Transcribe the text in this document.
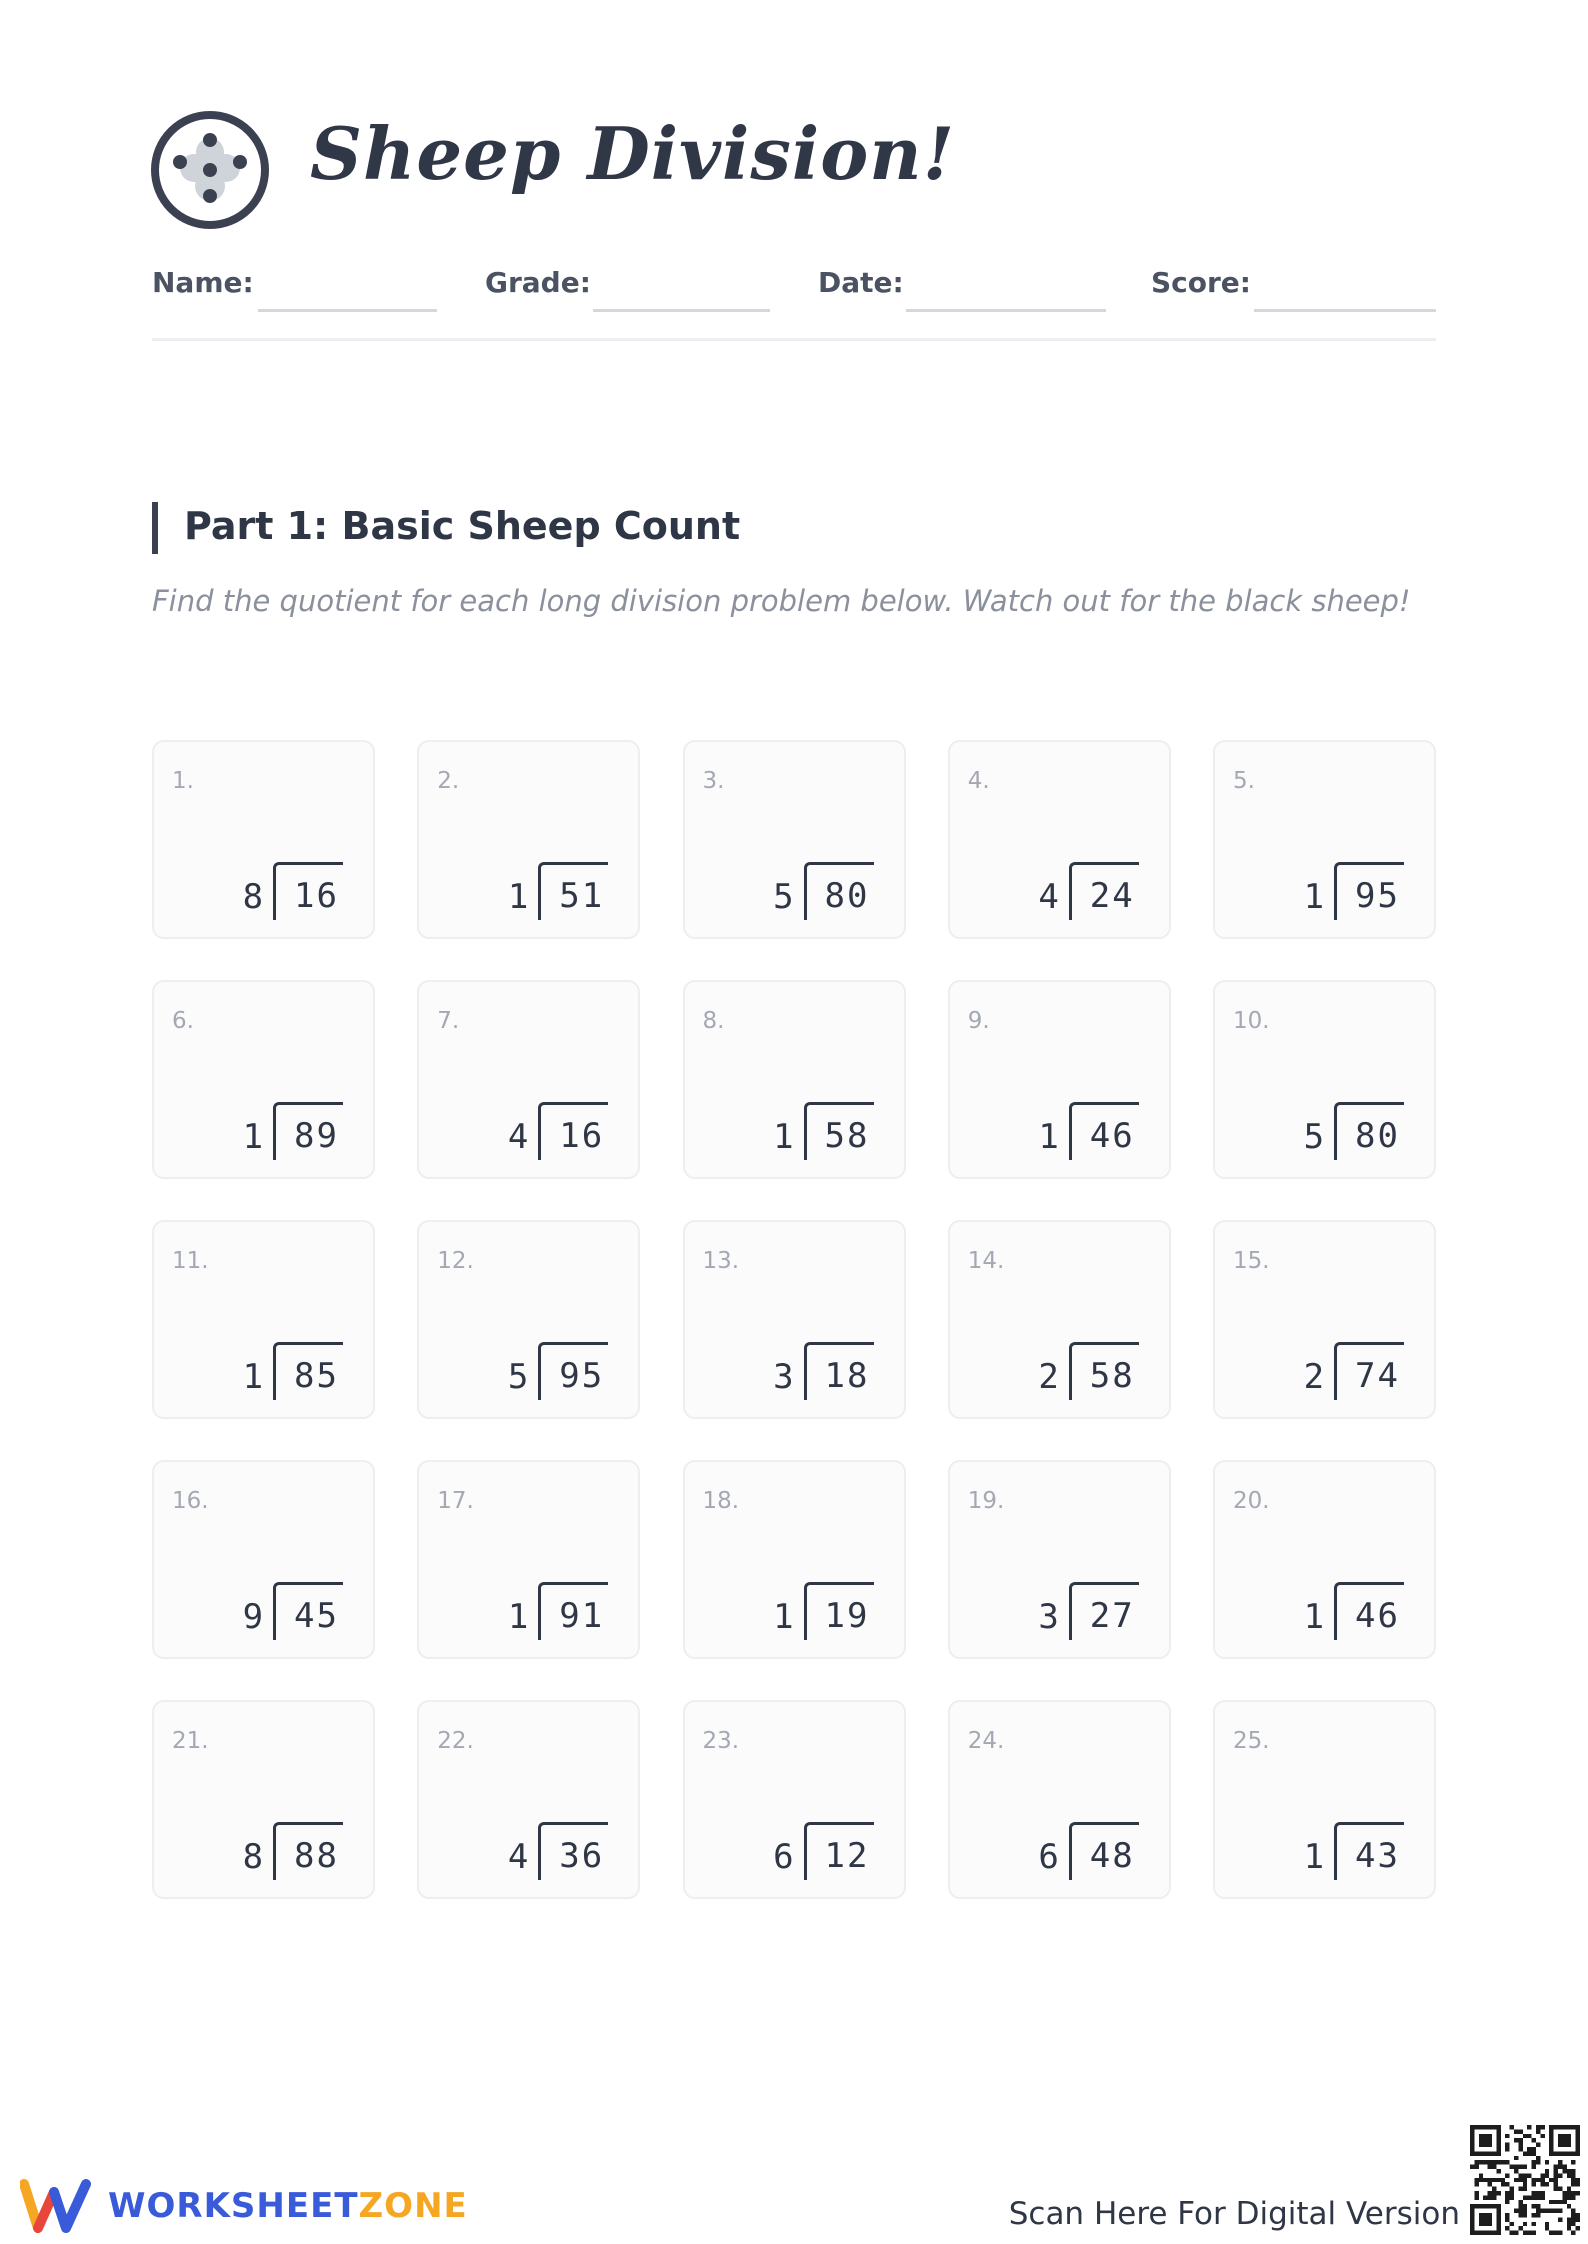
Sheep Division!
Name:	Grade:	Date:	Score:
Part 1: Basic Sheep Count

Find the quotient for each long division problem below. Watch out for the black sheep!

1.
8 16
2.
1 51
3.
5 80
4.
4 24
5.
1 95
6.
1 89
7.
4 16
8.
1 58
9.
1 46
10.
5 80
11.
1 85
12.
5 95
13.
3 18
14.
2 58
15.
2 74
16.
9 45
17.
1 91
18.
1 19
19.
3 27
20.
1 46
21.
8 88
22.
4 36
23.
6 12
24.
6 48
25.
1 43
WORKSHEETZONE	Scan Here For Digital Version
